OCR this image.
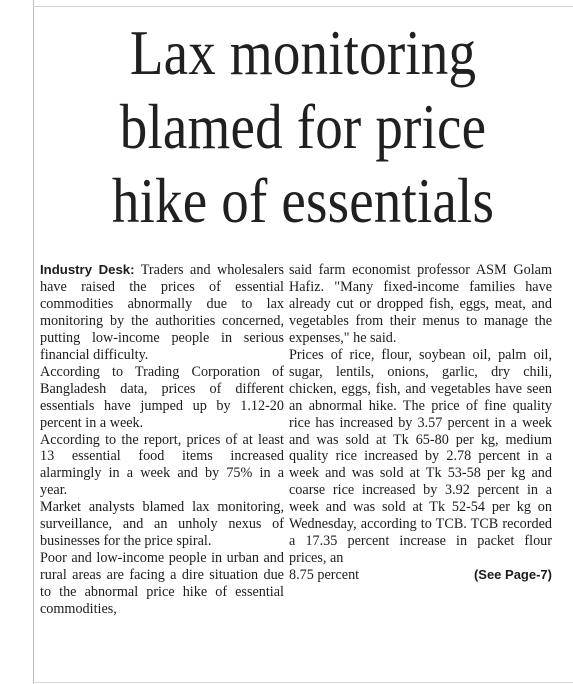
Lax monitoring
blamed for price
hike of essentials

Industry Desk: Traders and wholesalers have raised the prices of essential commodities abnormally due to lax monitoring by the authorities concerned, putting low-income people in serious financial difficulty.

According to Trading Corporation of Bangladesh data, prices of different essentials have jumped up by 1.12-20 percent in a week.

According to the report, prices of at least 13 essential food items increased alarmingly in a week and by 75% in a year.

Market analysts blamed lax monitoring, surveillance, and an unholy nexus of businesses for the price spiral.

Poor and low-income people in urban and rural areas are facing a dire situation due to the abnormal price hike of essential commodities,

said farm economist professor ASM Golam Hafiz. "Many fixed-income families have already cut or dropped fish, eggs, meat, and vegetables from their menus to manage the expenses," he said.

Prices of rice, flour, soybean oil, palm oil, sugar, lentils, onions, garlic, dry chili, chicken, eggs, fish, and vegetables have seen an abnormal hike. The price of fine quality rice has increased by 3.57 percent in a week and was sold at Tk 65-80 per kg, medium quality rice increased by 2.78 percent in a week and was sold at Tk 53-58 per kg and coarse rice increased by 3.92 percent in a week and was sold at Tk 52-54 per kg on Wednesday, according to TCB. TCB recorded a 17.35 percent increase in packet flour prices, an

8.75 percent	(See Page-7)
